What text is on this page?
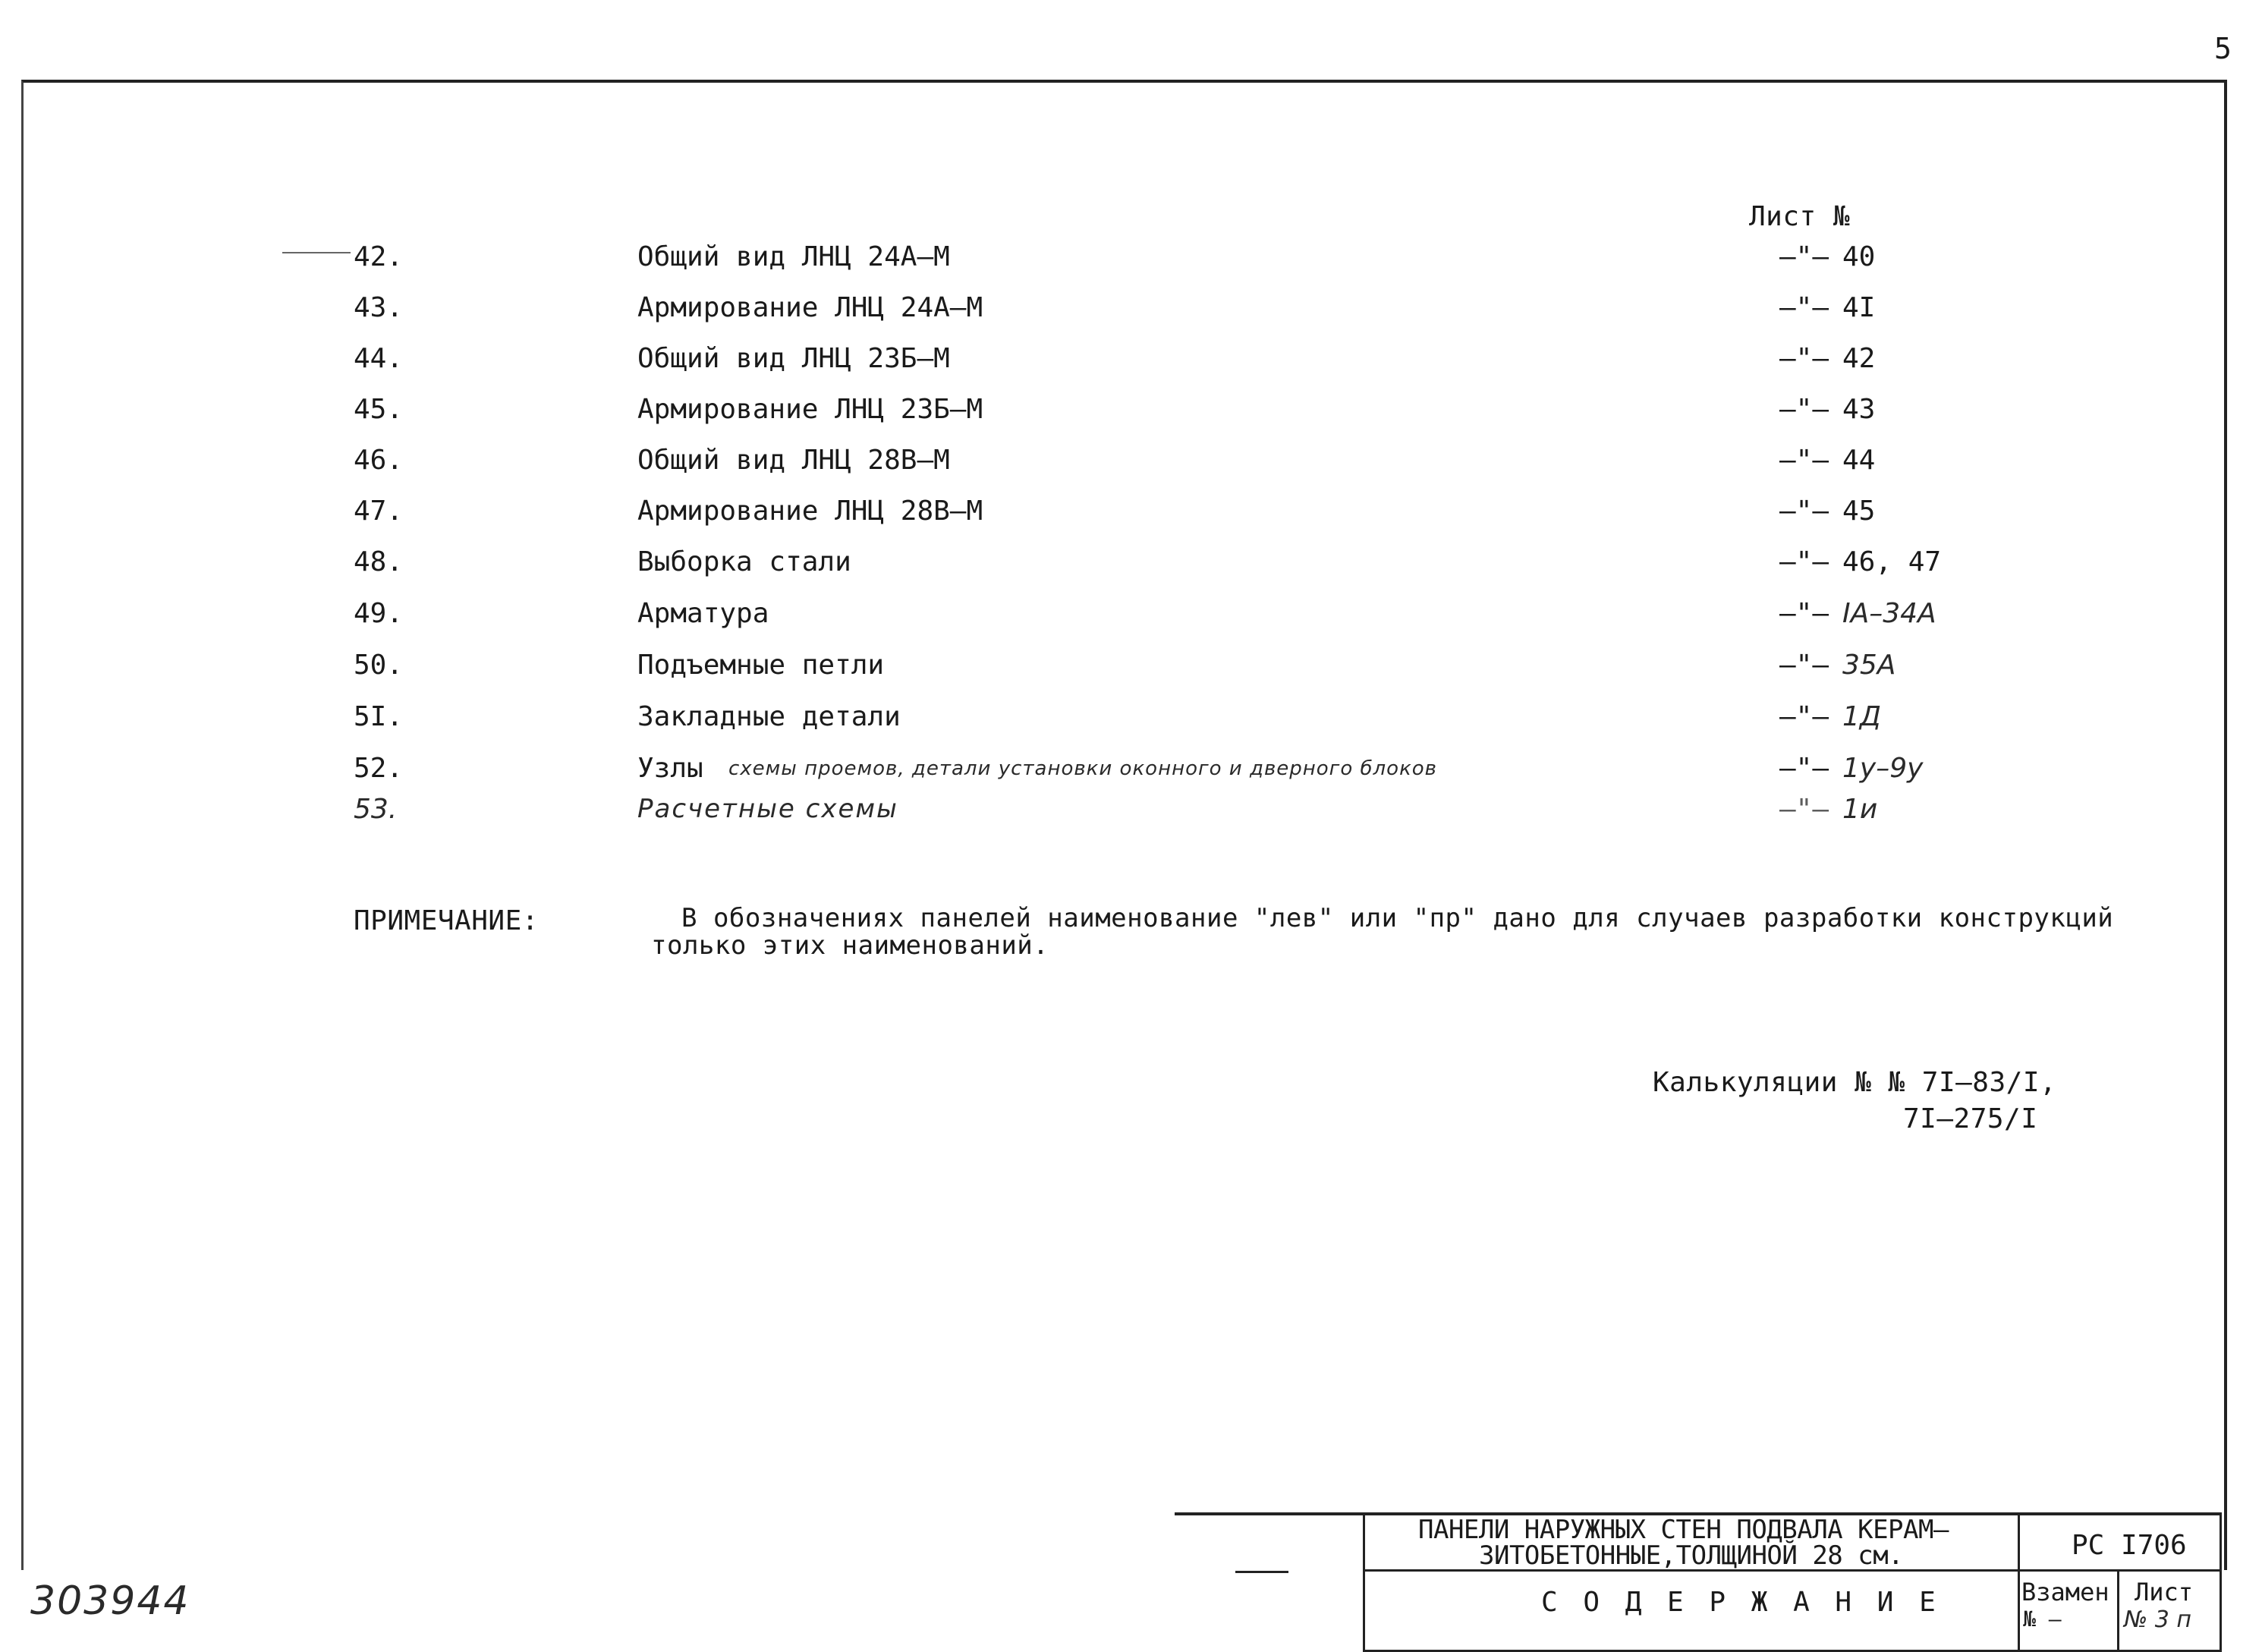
5
Лист №
42.	Общий вид ЛНЦ 24А–М	–"– 40
43.	Армирование ЛНЦ 24А–М	–"– 4I
44.	Общий вид ЛНЦ 23Б–М	–"– 42
45.	Армирование ЛНЦ 23Б–М	–"– 43
46.	Общий вид ЛНЦ 28В–М	–"– 44
47.	Армирование ЛНЦ 28В–М	–"– 45
48.	Выборка стали	–"– 46, 47
49.	Арматура	–"– IA–34А
50.	Подъемные петли	–"– 35А
5I.	Закладные детали	–"– 1Д
52.	Узлы схемы проемов, детали установки оконного и дверного блоков	–"– 1у–9у
53.	Расчетные схемы	–"– 1и
ПРИМЕЧАНИЕ:	В обозначениях панелей наименование "лев" или "пр" дано для случаев разработки конструкций
только этих наименований.
Калькуляции № № 7I–83/I,
7I–275/I
ПАНЕЛИ НАРУЖНЫХ СТЕН ПОДВАЛА КЕРАМ–
ЗИТОБЕТОННЫЕ,ТОЛЩИНОЙ 28 см.
С О Д Е Р Ж А Н И Е
РС I706
Взамен
№ –
Лист
№ 3 п
303944
